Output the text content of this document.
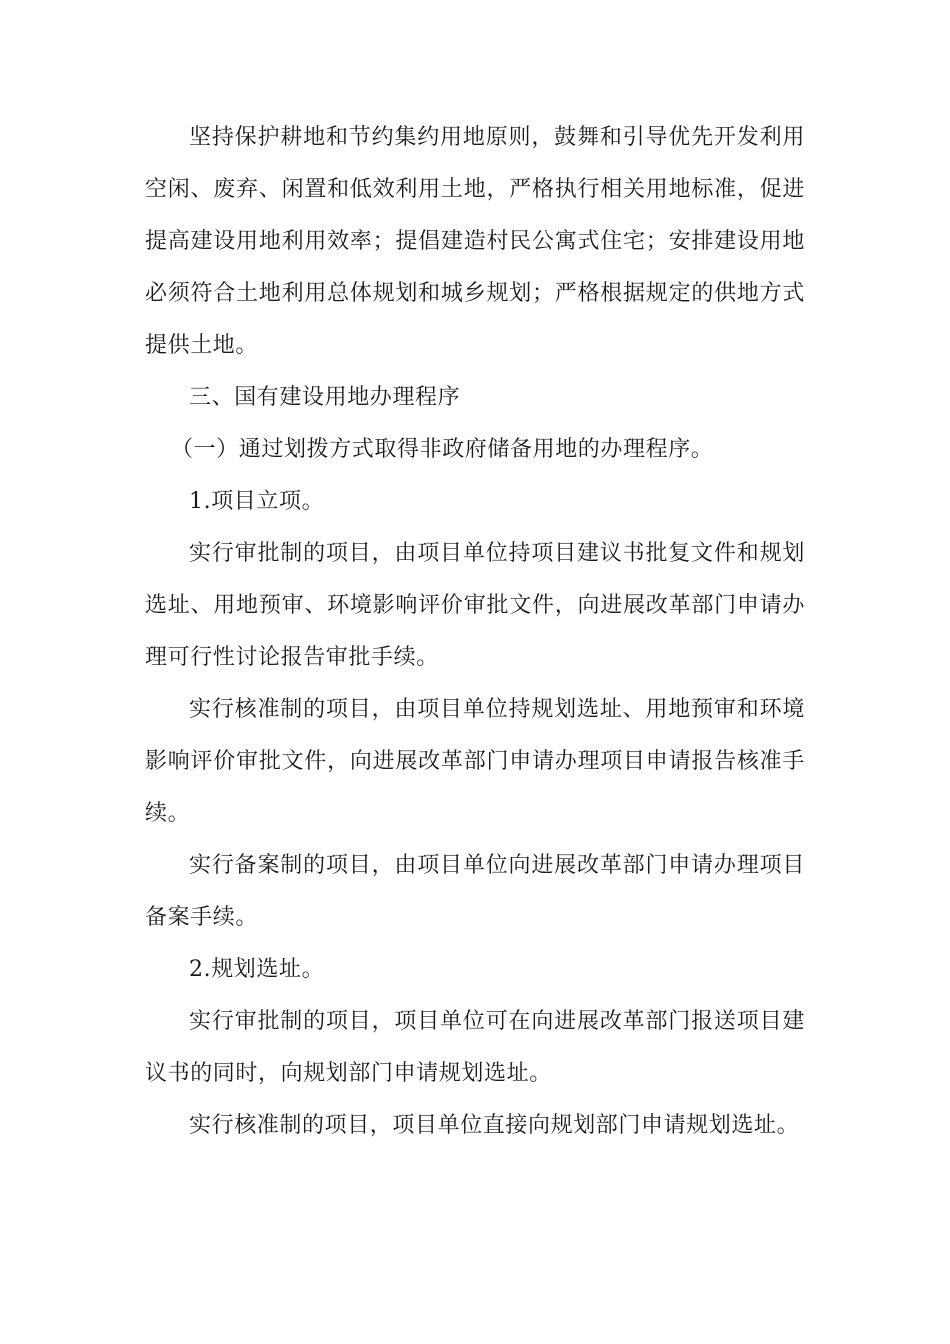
坚持保护耕地和节约集约用地原则，鼓舞和引导优先开发利用空闲、废弃、闲置和低效利用土地，严格执行相关用地标准，促进提高建设用地利用效率；提倡建造村民公寓式住宅；安排建设用地必须符合土地利用总体规划和城乡规划；严格根据规定的供地方式提供土地。

三、国有建设用地办理程序

（一）通过划拨方式取得非政府储备用地的办理程序。

1.项目立项。

实行审批制的项目，由项目单位持项目建议书批复文件和规划选址、用地预审、环境影响评价审批文件，向进展改革部门申请办理可行性讨论报告审批手续。

实行核准制的项目，由项目单位持规划选址、用地预审和环境影响评价审批文件，向进展改革部门申请办理项目申请报告核准手续。

实行备案制的项目，由项目单位向进展改革部门申请办理项目备案手续。

2.规划选址。

实行审批制的项目，项目单位可在向进展改革部门报送项目建议书的同时，向规划部门申请规划选址。

实行核准制的项目，项目单位直接向规划部门申请规划选址。
